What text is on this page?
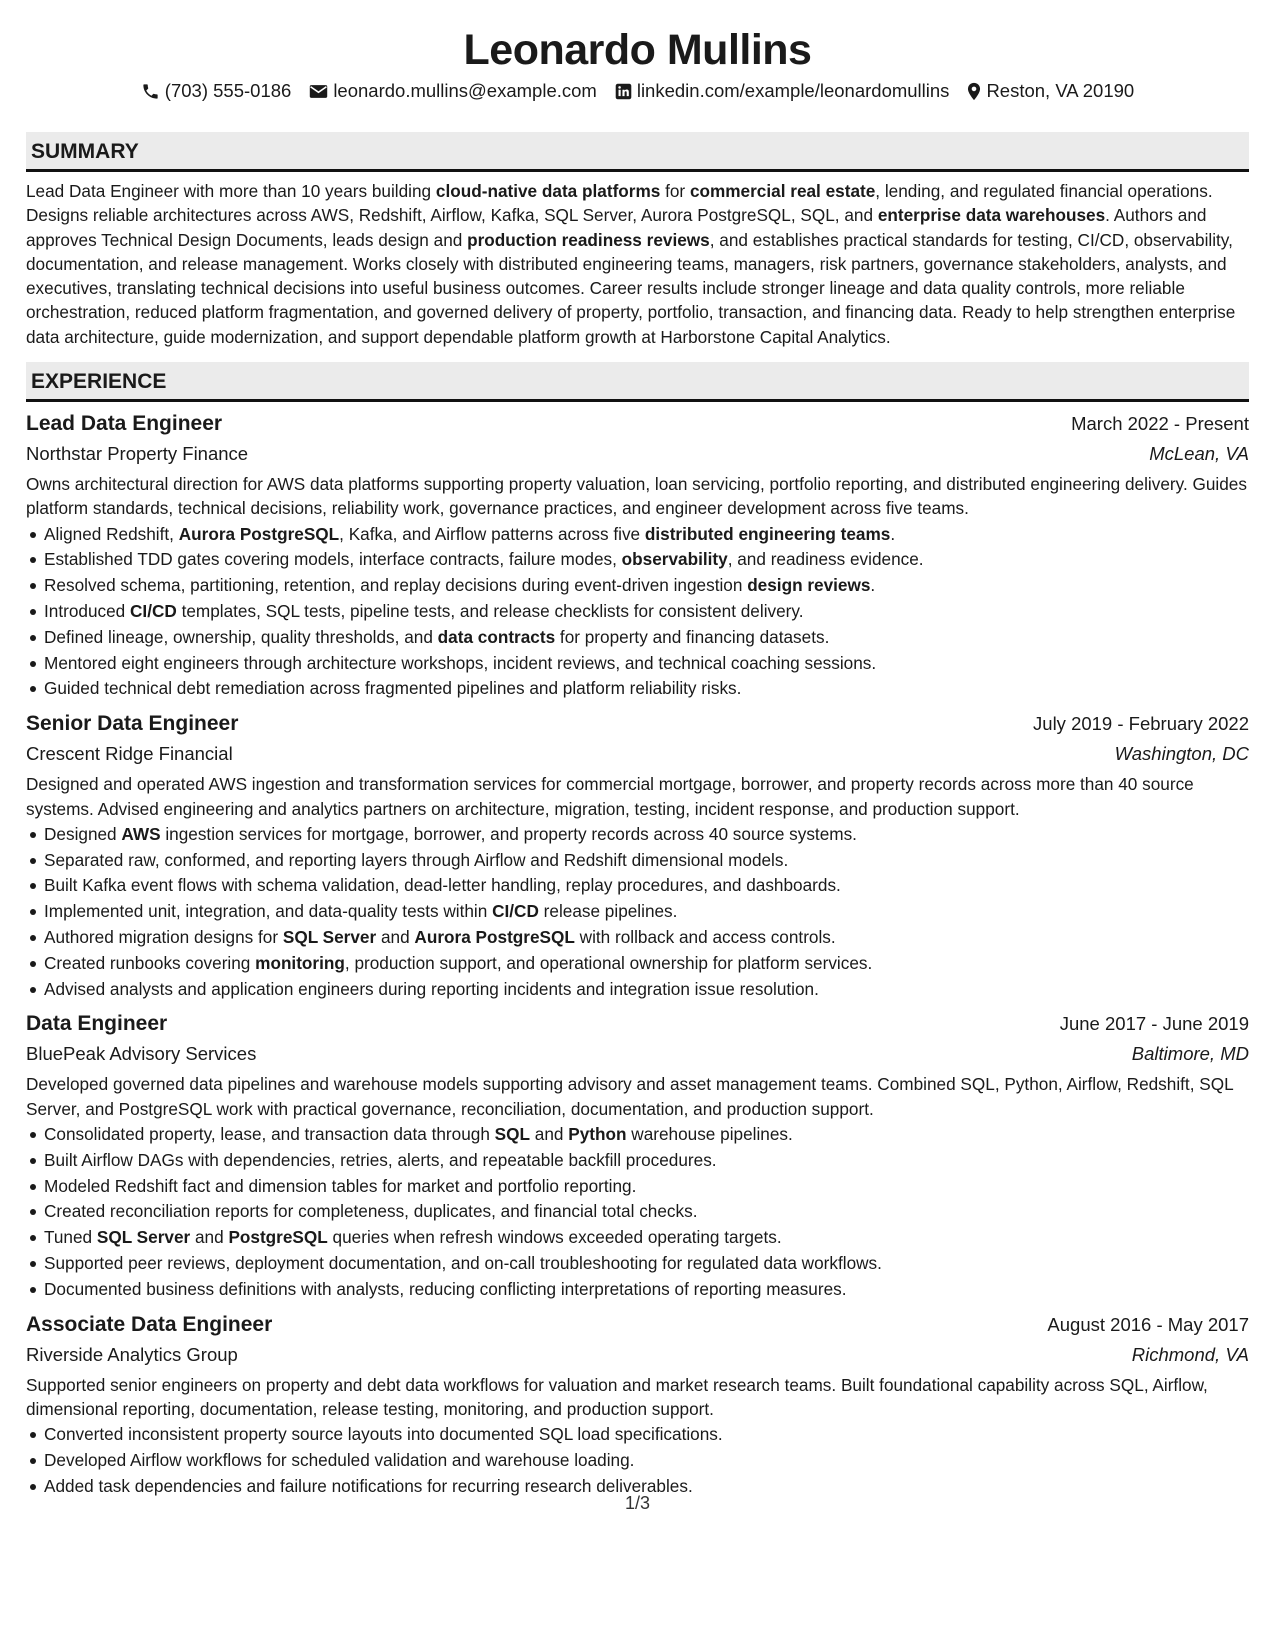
Leonardo Mullins
(703) 555-0186 leonardo.mullins@example.com linkedin.com/example/leonardomullins Reston, VA 20190
SUMMARY
Lead Data Engineer with more than 10 years building cloud-native data platforms for commercial real estate, lending, and regulated financial operations. Designs reliable architectures across AWS, Redshift, Airflow, Kafka, SQL Server, Aurora PostgreSQL, SQL, and enterprise data warehouses. Authors and approves Technical Design Documents, leads design and production readiness reviews, and establishes practical standards for testing, CI/CD, observability, documentation, and release management. Works closely with distributed engineering teams, managers, risk partners, governance stakeholders, analysts, and executives, translating technical decisions into useful business outcomes. Career results include stronger lineage and data quality controls, more reliable orchestration, reduced platform fragmentation, and governed delivery of property, portfolio, transaction, and financing data. Ready to help strengthen enterprise data architecture, guide modernization, and support dependable platform growth at Harborstone Capital Analytics.
EXPERIENCE
Lead Data Engineer	March 2022 - Present
Northstar Property Finance	McLean, VA
Owns architectural direction for AWS data platforms supporting property valuation, loan servicing, portfolio reporting, and distributed engineering delivery. Guides platform standards, technical decisions, reliability work, governance practices, and engineer development across five teams.
Aligned Redshift, Aurora PostgreSQL, Kafka, and Airflow patterns across five distributed engineering teams.
Established TDD gates covering models, interface contracts, failure modes, observability, and readiness evidence.
Resolved schema, partitioning, retention, and replay decisions during event-driven ingestion design reviews.
Introduced CI/CD templates, SQL tests, pipeline tests, and release checklists for consistent delivery.
Defined lineage, ownership, quality thresholds, and data contracts for property and financing datasets.
Mentored eight engineers through architecture workshops, incident reviews, and technical coaching sessions.
Guided technical debt remediation across fragmented pipelines and platform reliability risks.
Senior Data Engineer	July 2019 - February 2022
Crescent Ridge Financial	Washington, DC
Designed and operated AWS ingestion and transformation services for commercial mortgage, borrower, and property records across more than 40 source systems. Advised engineering and analytics partners on architecture, migration, testing, incident response, and production support.
Designed AWS ingestion services for mortgage, borrower, and property records across 40 source systems.
Separated raw, conformed, and reporting layers through Airflow and Redshift dimensional models.
Built Kafka event flows with schema validation, dead-letter handling, replay procedures, and dashboards.
Implemented unit, integration, and data-quality tests within CI/CD release pipelines.
Authored migration designs for SQL Server and Aurora PostgreSQL with rollback and access controls.
Created runbooks covering monitoring, production support, and operational ownership for platform services.
Advised analysts and application engineers during reporting incidents and integration issue resolution.
Data Engineer	June 2017 - June 2019
BluePeak Advisory Services	Baltimore, MD
Developed governed data pipelines and warehouse models supporting advisory and asset management teams. Combined SQL, Python, Airflow, Redshift, SQL Server, and PostgreSQL work with practical governance, reconciliation, documentation, and production support.
Consolidated property, lease, and transaction data through SQL and Python warehouse pipelines.
Built Airflow DAGs with dependencies, retries, alerts, and repeatable backfill procedures.
Modeled Redshift fact and dimension tables for market and portfolio reporting.
Created reconciliation reports for completeness, duplicates, and financial total checks.
Tuned SQL Server and PostgreSQL queries when refresh windows exceeded operating targets.
Supported peer reviews, deployment documentation, and on-call troubleshooting for regulated data workflows.
Documented business definitions with analysts, reducing conflicting interpretations of reporting measures.
Associate Data Engineer	August 2016 - May 2017
Riverside Analytics Group	Richmond, VA
Supported senior engineers on property and debt data workflows for valuation and market research teams. Built foundational capability across SQL, Airflow, dimensional reporting, documentation, release testing, monitoring, and production support.
Converted inconsistent property source layouts into documented SQL load specifications.
Developed Airflow workflows for scheduled validation and warehouse loading.
Added task dependencies and failure notifications for recurring research deliverables.
1/3
